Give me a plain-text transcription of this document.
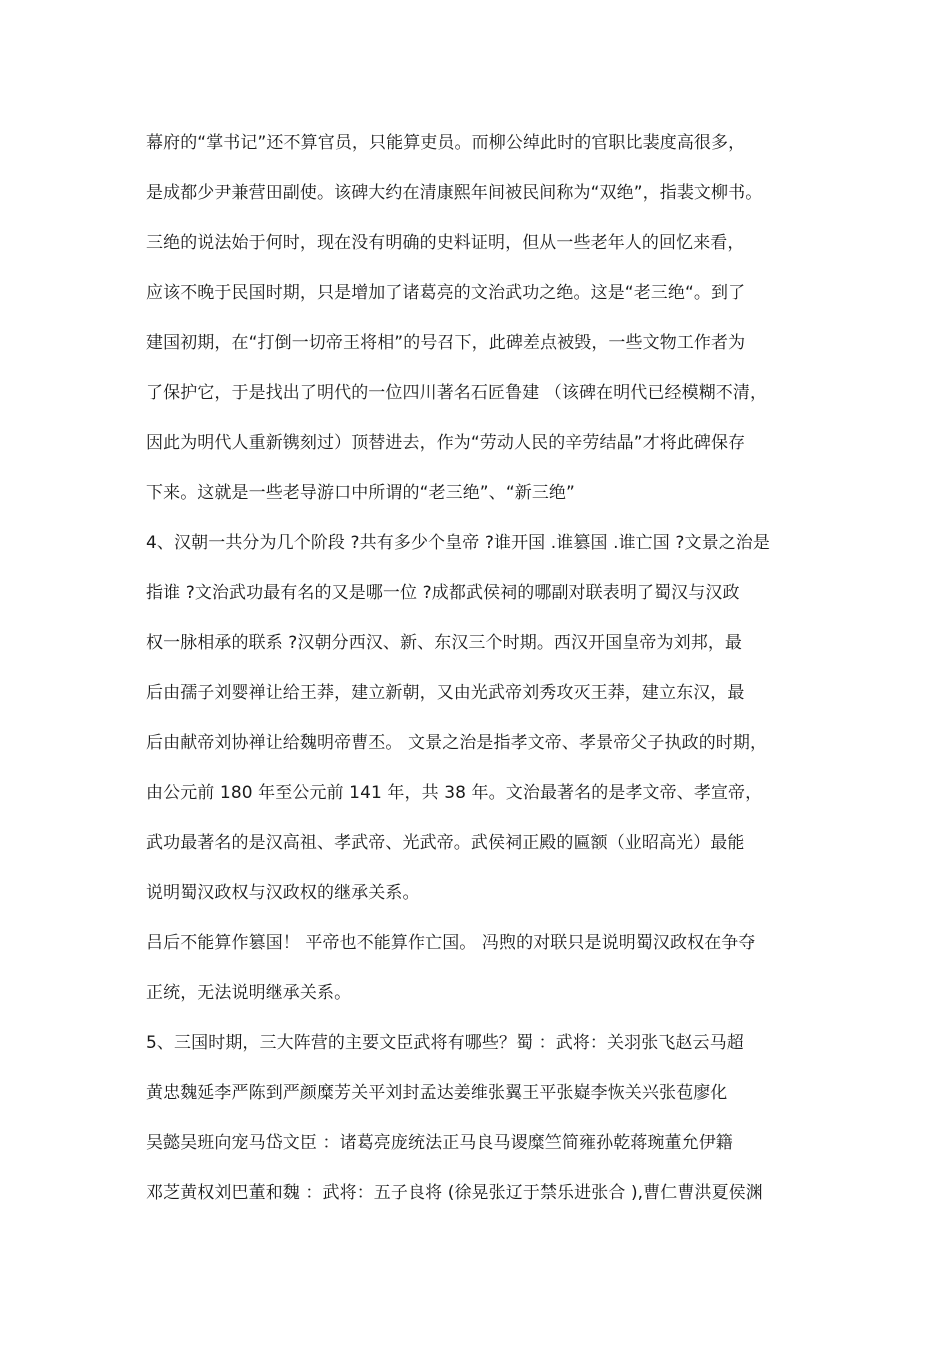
幕府的“掌书记”还不算官员，只能算吏员。而柳公绰此时的官职比裴度高很多，
是成都少尹兼营田副使。该碑大约在清康熙年间被民间称为“双绝”，指裴文柳书。
三绝的说法始于何时，现在没有明确的史料证明，但从一些老年人的回忆来看，
应该不晚于民国时期，只是增加了诸葛亮的文治武功之绝。这是“老三绝“。到了
建国初期，在“打倒一切帝王将相”的号召下，此碑差点被毁，一些文物工作者为
了保护它，于是找出了明代的一位四川著名石匠鲁建 （该碑在明代已经模糊不清，
因此为明代人重新镌刻过）顶替进去，作为“劳动人民的辛劳结晶”才将此碑保存
下来。这就是一些老导游口中所谓的“老三绝”、“新三绝”
4、汉朝一共分为几个阶段 ?共有多少个皇帝 ?谁开国 .谁篡国 .谁亡国 ?文景之治是
指谁 ?文治武功最有名的又是哪一位 ?成都武侯祠的哪副对联表明了蜀汉与汉政
权一脉相承的联系 ?汉朝分西汉、新、东汉三个时期。西汉开国皇帝为刘邦，最
后由孺子刘婴禅让给王莽，建立新朝，又由光武帝刘秀攻灭王莽，建立东汉，最
后由献帝刘协禅让给魏明帝曹丕。 文景之治是指孝文帝、孝景帝父子执政的时期，
由公元前 180 年至公元前 141 年，共 38 年。文治最著名的是孝文帝、孝宣帝，
武功最著名的是汉高祖、孝武帝、光武帝。武侯祠正殿的匾额（业昭高光）最能
说明蜀汉政权与汉政权的继承关系。
吕后不能算作篡国！ 平帝也不能算作亡国。 冯煦的对联只是说明蜀汉政权在争夺
正统，无法说明继承关系。
5、三国时期，三大阵营的主要文臣武将有哪些？蜀 ：武将：关羽张飞赵云马超
黄忠魏延李严陈到严颜糜芳关平刘封孟达姜维张翼王平张嶷李恢关兴张苞廖化
吴懿吴班向宠马岱文臣 ：诸葛亮庞统法正马良马谡糜竺简雍孙乾蒋琬董允伊籍
邓芝黄权刘巴董和魏 ：武将：五子良将 (徐晃张辽于禁乐进张合 ),曹仁曹洪夏侯渊
